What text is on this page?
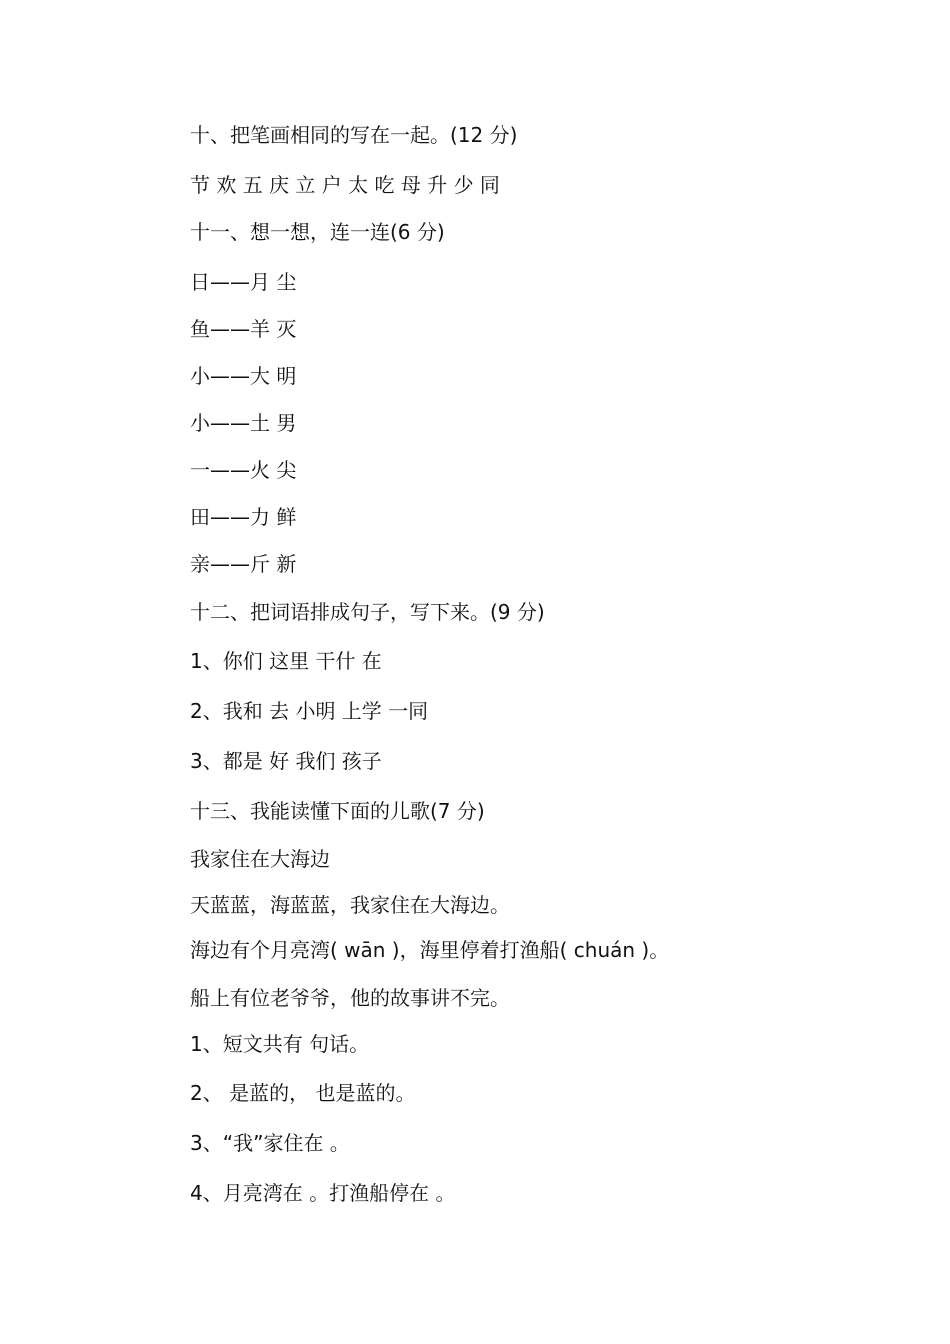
十、把笔画相同的写在一起。(12 分)
节 欢 五 庆 立 户 太 吃 母 升 少 同
十一、想一想，连一连(6 分)
日——月 尘
鱼——羊 灭
小——大 明
小——土 男
一——火 尖
田——力 鲜
亲——斤 新
十二、把词语排成句子，写下来。(9 分)
1、你们 这里 干什 在
2、我和 去 小明 上学 一同
3、都是 好 我们 孩子
十三、我能读懂下面的儿歌(7 分)
我家住在大海边
天蓝蓝，海蓝蓝，我家住在大海边。
海边有个月亮湾( wān )，海里停着打渔船( chuán )。
船上有位老爷爷，他的故事讲不完。
1、短文共有 句话。
2、 是蓝的， 也是蓝的。
3、“我”家住在 。
4、月亮湾在 。打渔船停在 。
